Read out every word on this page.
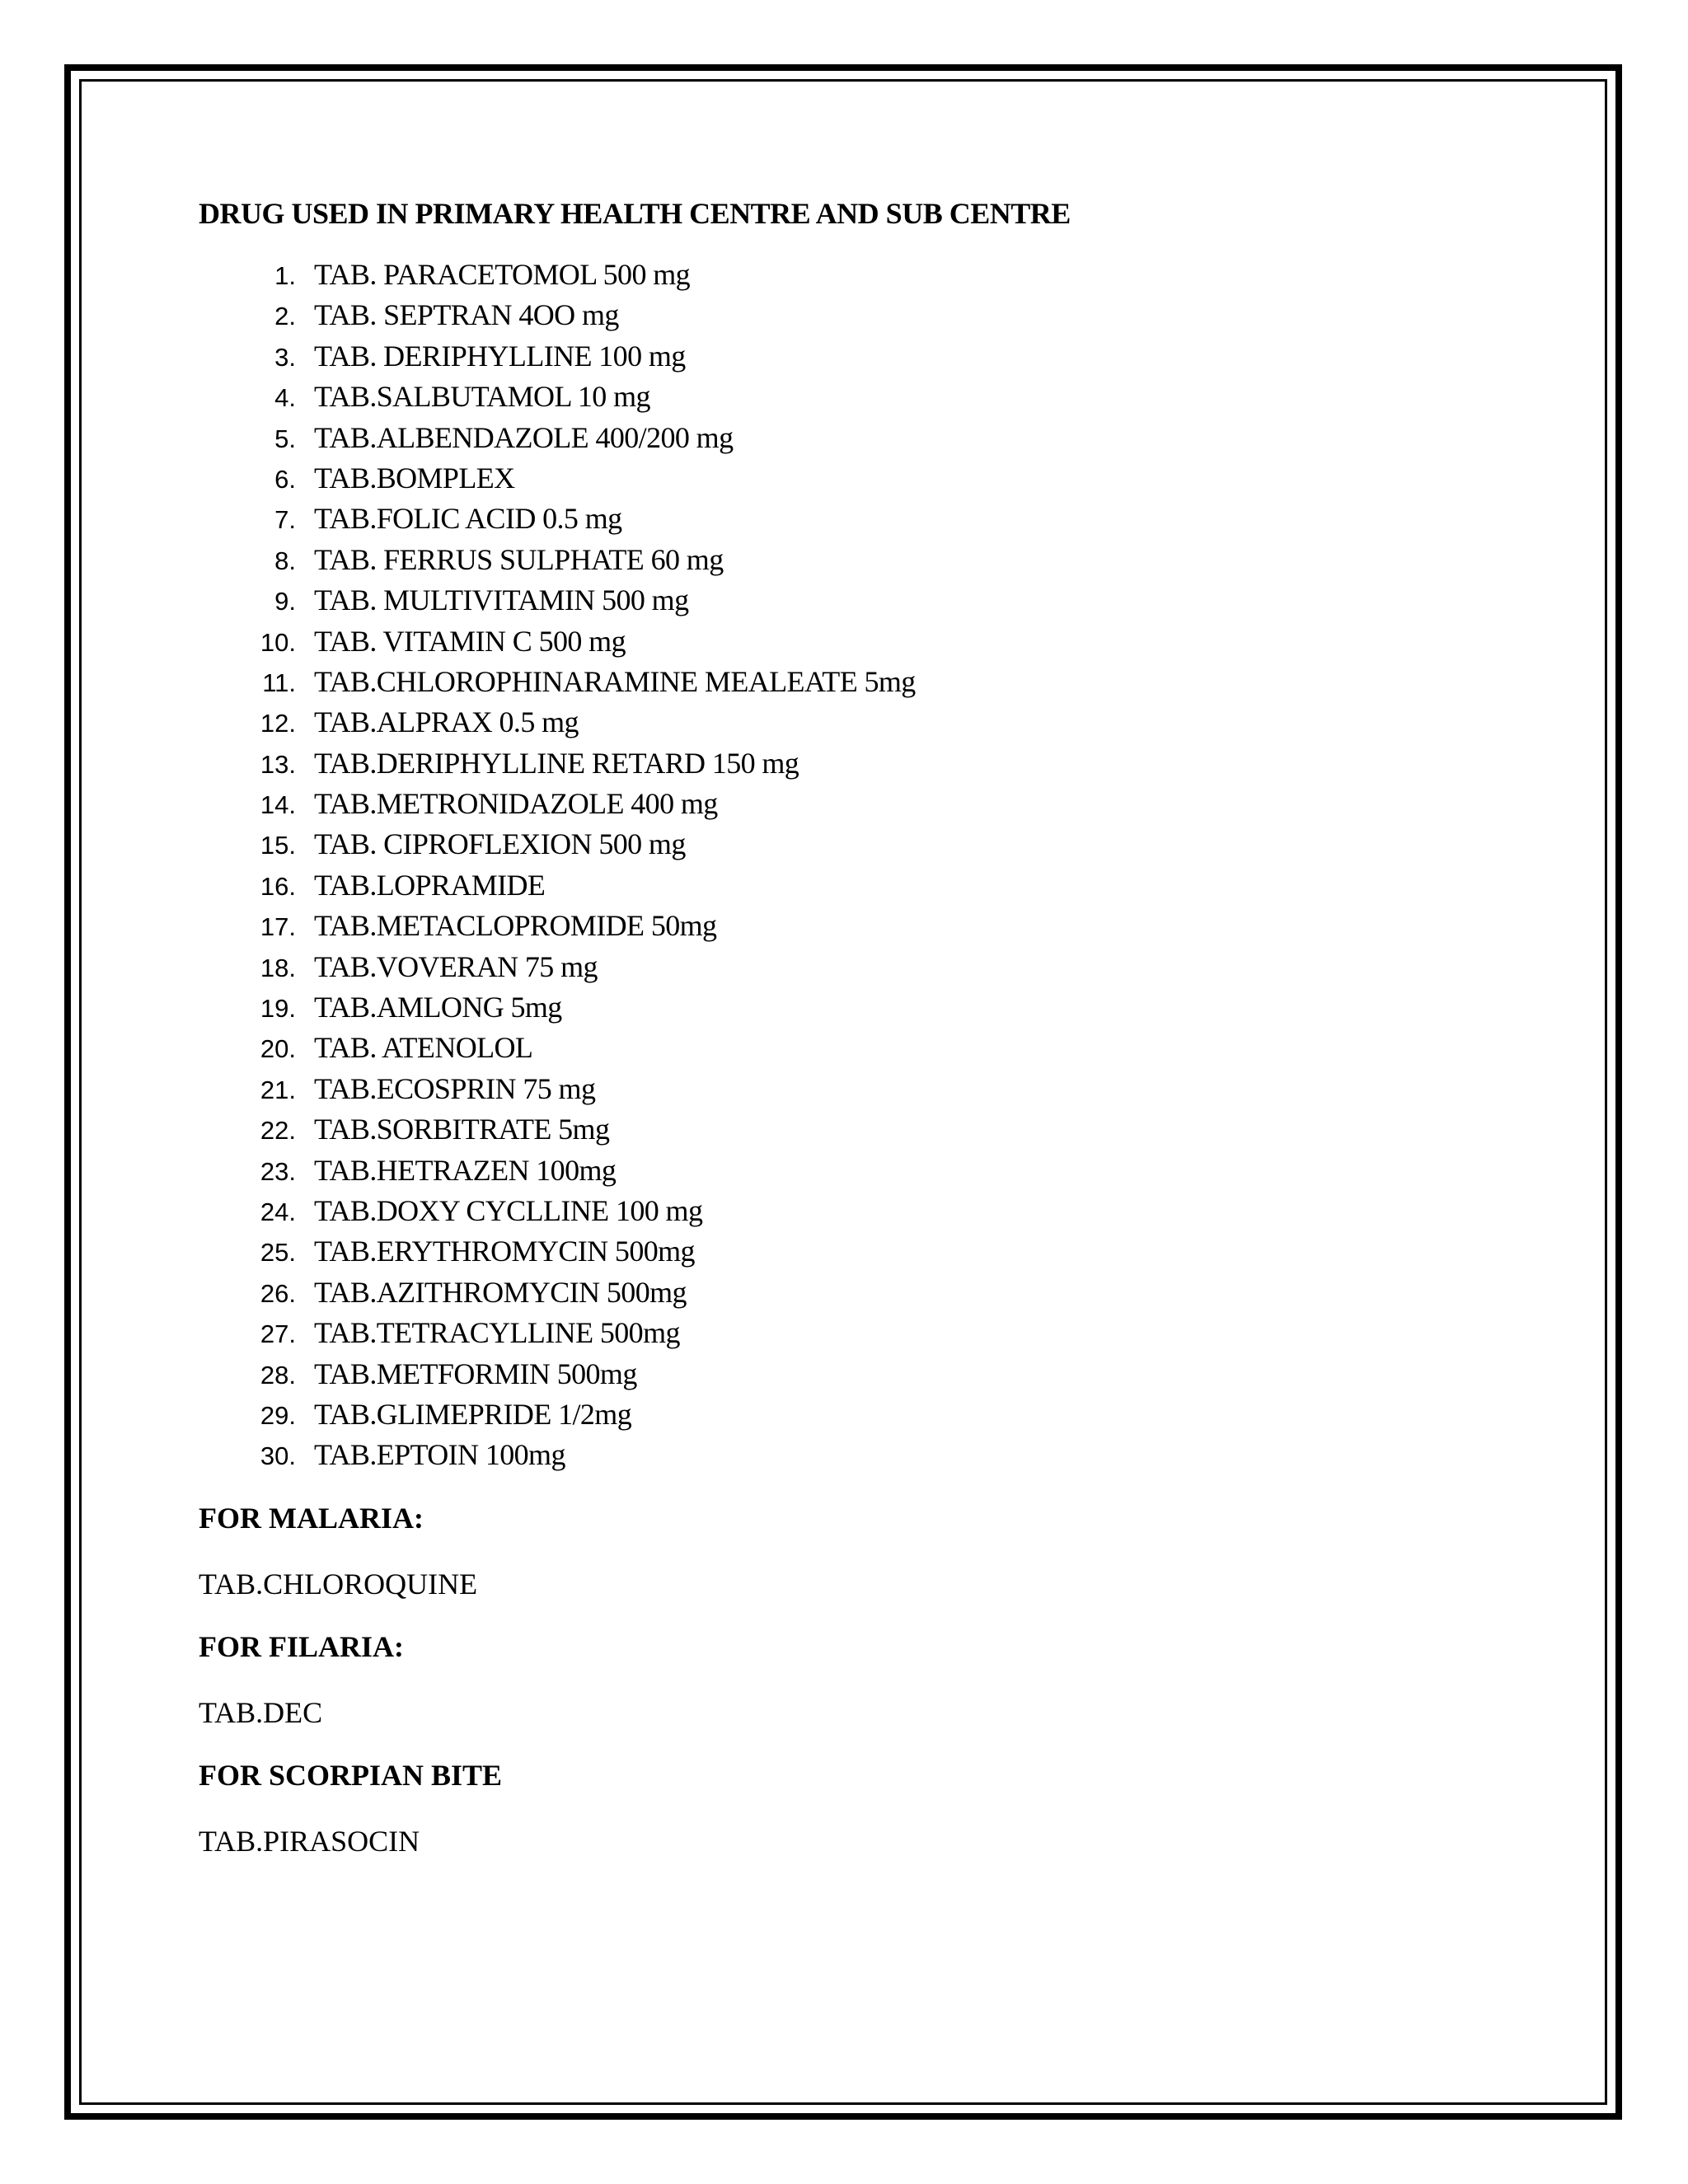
DRUG USED IN PRIMARY HEALTH CENTRE AND SUB CENTRE
1. TAB. PARACETOMOL 500 mg
2. TAB. SEPTRAN 4OO mg
3. TAB. DERIPHYLLINE 100 mg
4. TAB.SALBUTAMOL 10 mg
5. TAB.ALBENDAZOLE 400/200 mg
6. TAB.BOMPLEX
7. TAB.FOLIC ACID 0.5 mg
8. TAB. FERRUS SULPHATE 60 mg
9. TAB. MULTIVITAMIN 500 mg
10. TAB. VITAMIN C 500 mg
11. TAB.CHLOROPHINARAMINE MEALEATE 5mg
12. TAB.ALPRAX 0.5 mg
13. TAB.DERIPHYLLINE RETARD 150 mg
14. TAB.METRONIDAZOLE 400 mg
15. TAB. CIPROFLEXION 500 mg
16. TAB.LOPRAMIDE
17. TAB.METACLOPROMIDE 50mg
18. TAB.VOVERAN 75 mg
19. TAB.AMLONG 5mg
20. TAB. ATENOLOL
21. TAB.ECOSPRIN 75 mg
22. TAB.SORBITRATE 5mg
23. TAB.HETRAZEN 100mg
24. TAB.DOXY CYCLLINE 100 mg
25. TAB.ERYTHROMYCIN 500mg
26. TAB.AZITHROMYCIN 500mg
27. TAB.TETRACYLLINE 500mg
28. TAB.METFORMIN 500mg
29. TAB.GLIMEPRIDE 1/2mg
30. TAB.EPTOIN 100mg

FOR MALARIA:

TAB.CHLOROQUINE

FOR FILARIA:

TAB.DEC

FOR SCORPIAN BITE

TAB.PIRASOCIN
